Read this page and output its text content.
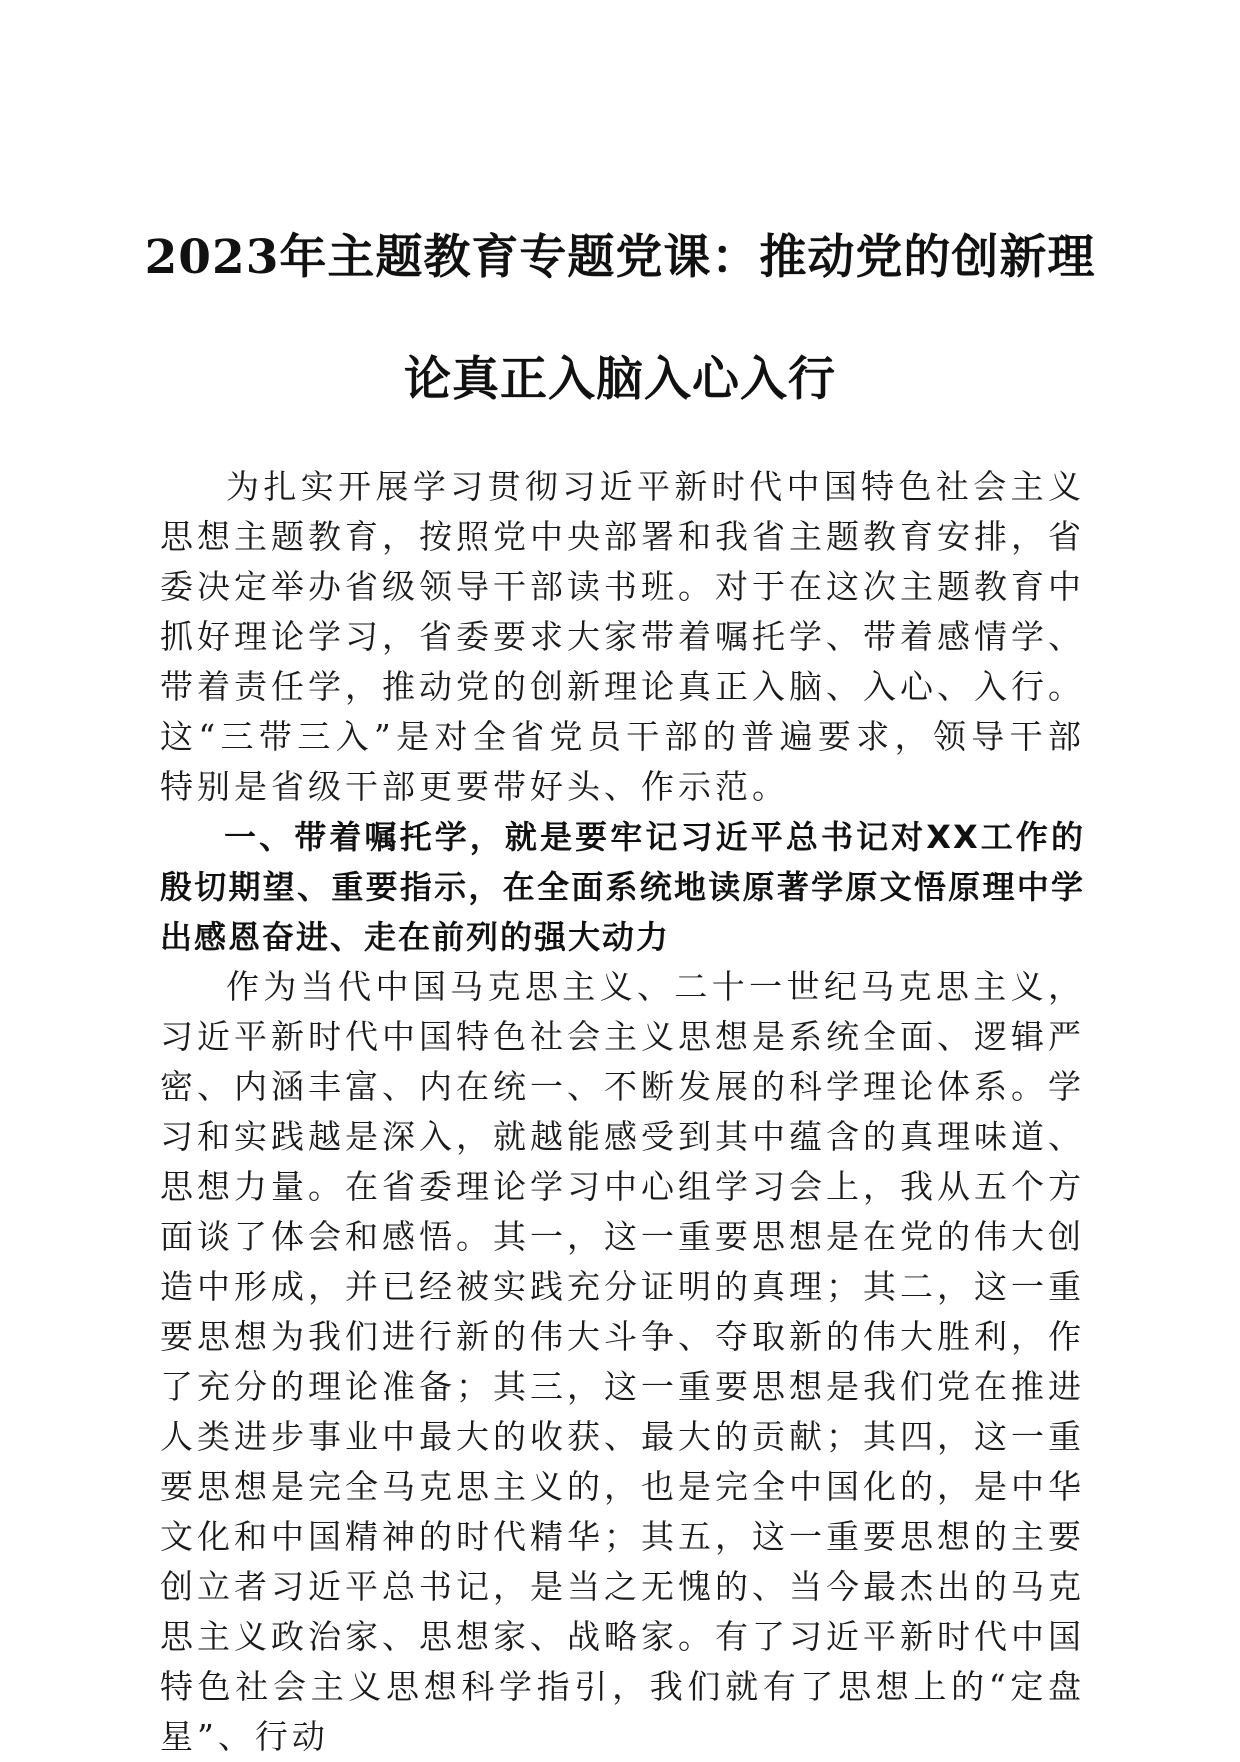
2023年主题教育专题党课：推动党的创新理
论真正入脑入心入行

为扎实开展学习贯彻习近平新时代中国特色社会主义思想主题教育，按照党中央部署和我省主题教育安排，省委决定举办省级领导干部读书班。对于在这次主题教育中抓好理论学习，省委要求大家带着嘱托学、带着感情学、带着责任学，推动党的创新理论真正入脑、入心、入行。这“三带三入”是对全省党员干部的普遍要求，领导干部特别是省级干部更要带好头、作示范。

一、带着嘱托学，就是要牢记习近平总书记对XX工作的殷切期望、重要指示，在全面系统地读原著学原文悟原理中学出感恩奋进、走在前列的强大动力

作为当代中国马克思主义、二十一世纪马克思主义，习近平新时代中国特色社会主义思想是系统全面、逻辑严密、内涵丰富、内在统一、不断发展的科学理论体系。学习和实践越是深入，就越能感受到其中蕴含的真理味道、思想力量。在省委理论学习中心组学习会上，我从五个方面谈了体会和感悟。其一，这一重要思想是在党的伟大创造中形成，并已经被实践充分证明的真理；其二，这一重要思想为我们进行新的伟大斗争、夺取新的伟大胜利，作了充分的理论准备；其三，这一重要思想是我们党在推进人类进步事业中最大的收获、最大的贡献；其四，这一重要思想是完全马克思主义的，也是完全中国化的，是中华文化和中国精神的时代精华；其五，这一重要思想的主要创立者习近平总书记，是当之无愧的、当今最杰出的马克思主义政治家、思想家、战略家。有了习近平新时代中国特色社会主义思想科学指引，我们就有了思想上的“定盘星”、行动
